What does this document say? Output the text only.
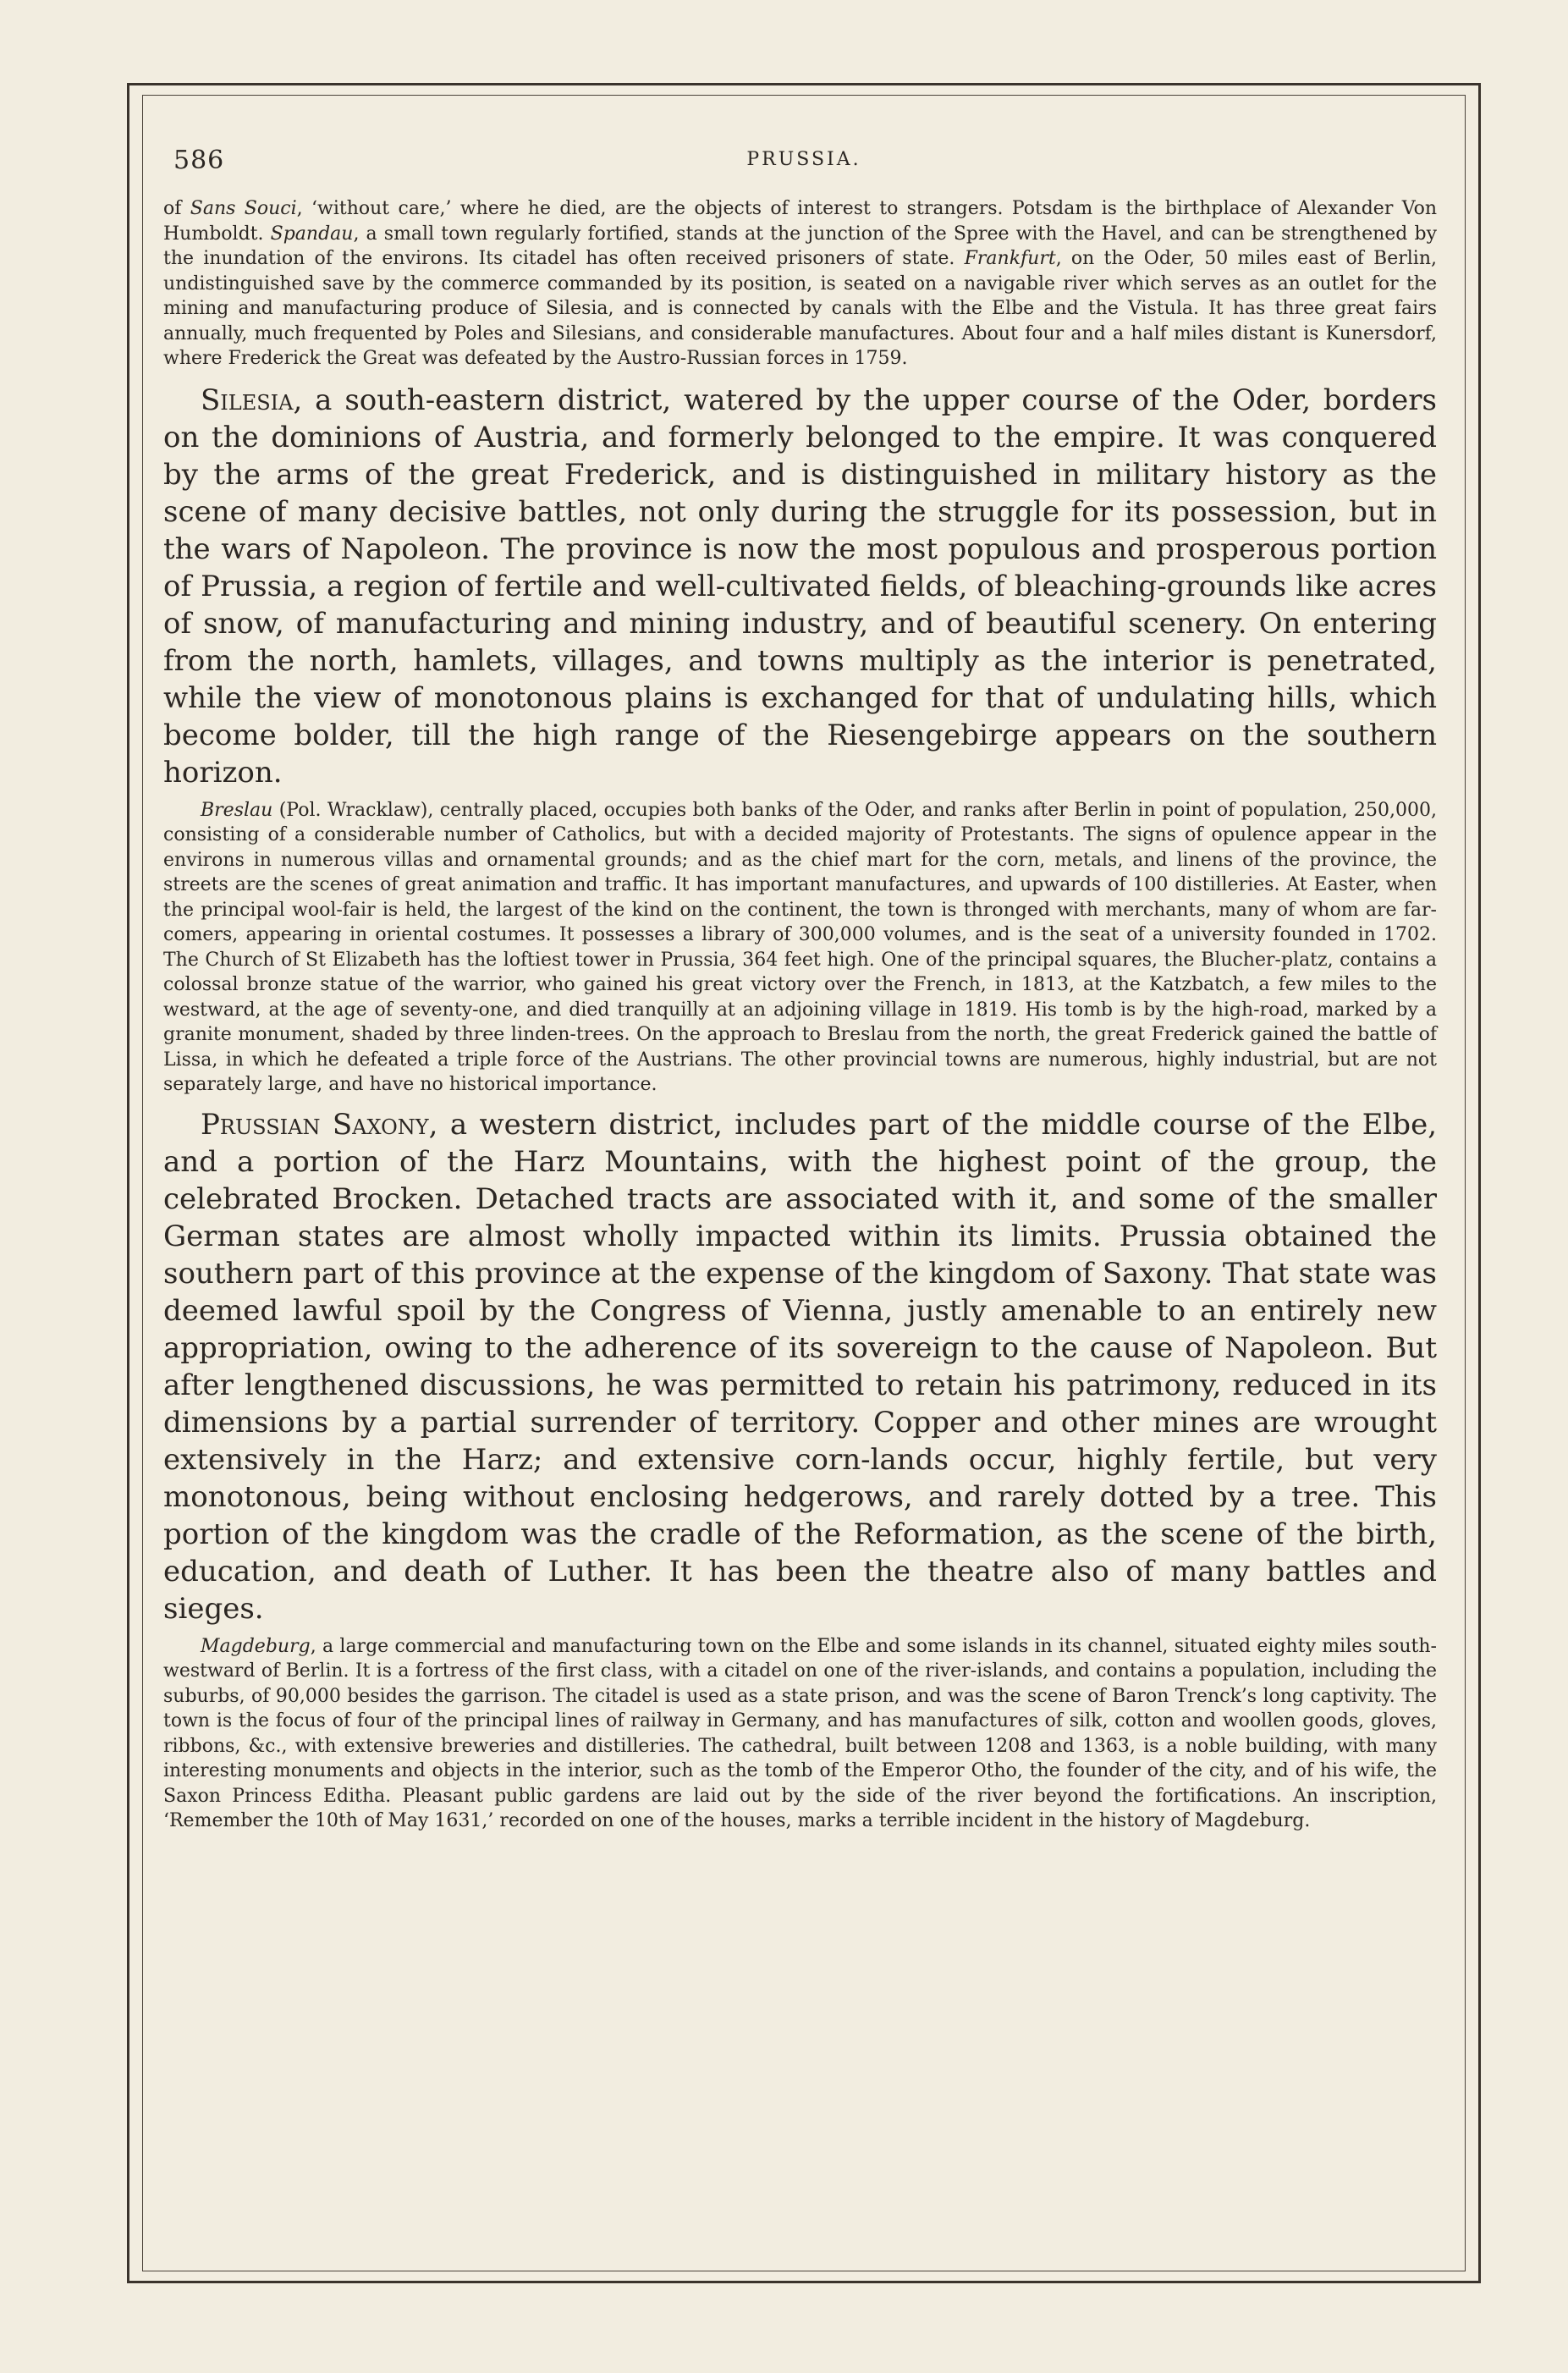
586	PRUSSIA.

of Sans Souci, ‘without care,’ where he died, are the objects of interest to strangers. Potsdam is the birthplace of Alexander Von Humboldt. Spandau, a small town regularly fortified, stands at the junction of the Spree with the Havel, and can be strengthened by the inundation of the environs. Its citadel has often received prisoners of state. Frankfurt, on the Oder, 50 miles east of Berlin, undistinguished save by the commerce commanded by its position, is seated on a navigable river which serves as an outlet for the mining and manufacturing produce of Silesia, and is connected by canals with the Elbe and the Vistula. It has three great fairs annually, much frequented by Poles and Silesians, and considerable manufactures. About four and a half miles distant is Kunersdorf, where Frederick the Great was defeated by the Austro-Russian forces in 1759.

Silesia, a south-eastern district, watered by the upper course of the Oder, borders on the dominions of Austria, and formerly belonged to the empire. It was conquered by the arms of the great Frederick, and is distinguished in military history as the scene of many decisive battles, not only during the struggle for its possession, but in the wars of Napoleon. The province is now the most populous and prosperous portion of Prussia, a region of fertile and well-cultivated fields, of bleaching-grounds like acres of snow, of manufacturing and mining industry, and of beautiful scenery. On entering from the north, hamlets, villages, and towns multiply as the interior is penetrated, while the view of monotonous plains is exchanged for that of undulating hills, which become bolder, till the high range of the Riesengebirge appears on the southern horizon.

Breslau (Pol. Wracklaw), centrally placed, occupies both banks of the Oder, and ranks after Berlin in point of population, 250,000, consisting of a considerable number of Catholics, but with a decided majority of Protestants. The signs of opulence appear in the environs in numerous villas and ornamental grounds; and as the chief mart for the corn, metals, and linens of the province, the streets are the scenes of great animation and traffic. It has important manufactures, and upwards of 100 distilleries. At Easter, when the principal wool-fair is held, the largest of the kind on the continent, the town is thronged with merchants, many of whom are far-comers, appearing in oriental costumes. It possesses a library of 300,000 volumes, and is the seat of a university founded in 1702. The Church of St Elizabeth has the loftiest tower in Prussia, 364 feet high. One of the principal squares, the Blucher-platz, contains a colossal bronze statue of the warrior, who gained his great victory over the French, in 1813, at the Katzbatch, a few miles to the westward, at the age of seventy-one, and died tranquilly at an adjoining village in 1819. His tomb is by the high-road, marked by a granite monument, shaded by three linden-trees. On the approach to Breslau from the north, the great Frederick gained the battle of Lissa, in which he defeated a triple force of the Austrians. The other provincial towns are numerous, highly industrial, but are not separately large, and have no historical importance.

Prussian Saxony, a western district, includes part of the middle course of the Elbe, and a portion of the Harz Mountains, with the highest point of the group, the celebrated Brocken. Detached tracts are associated with it, and some of the smaller German states are almost wholly impacted within its limits. Prussia obtained the southern part of this province at the expense of the kingdom of Saxony. That state was deemed lawful spoil by the Congress of Vienna, justly amenable to an entirely new appropriation, owing to the adherence of its sovereign to the cause of Napoleon. But after lengthened discussions, he was permitted to retain his patrimony, reduced in its dimensions by a partial surrender of territory. Copper and other mines are wrought extensively in the Harz; and extensive corn-lands occur, highly fertile, but very monotonous, being without enclosing hedgerows, and rarely dotted by a tree. This portion of the kingdom was the cradle of the Reformation, as the scene of the birth, education, and death of Luther. It has been the theatre also of many battles and sieges.

Magdeburg, a large commercial and manufacturing town on the Elbe and some islands in its channel, situated eighty miles south-westward of Berlin. It is a fortress of the first class, with a citadel on one of the river-islands, and contains a population, including the suburbs, of 90,000 besides the garrison. The citadel is used as a state prison, and was the scene of Baron Trenck’s long captivity. The town is the focus of four of the principal lines of railway in Germany, and has manufactures of silk, cotton and woollen goods, gloves, ribbons, &c., with extensive breweries and distilleries. The cathedral, built between 1208 and 1363, is a noble building, with many interesting monuments and objects in the interior, such as the tomb of the Emperor Otho, the founder of the city, and of his wife, the Saxon Princess Editha. Pleasant public gardens are laid out by the side of the river beyond the fortifications. An inscription, ‘Remember the 10th of May 1631,’ recorded on one of the houses, marks a terrible incident in the history of Magdeburg.
